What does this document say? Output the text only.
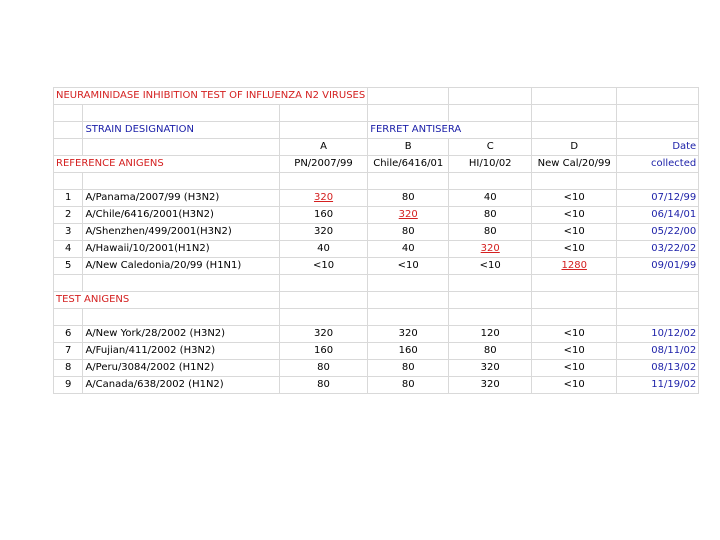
NEURAMINIDASE INHIBITION TEST OF INFLUENZA N2 VIRUSES						

	STRAIN DESIGNATION		FERRET ANTISERA			
		A	B	C	D	Date
REFERENCE ANIGENS		PN/2007/99	Chile/6416/01	HI/10/02	New Cal/20/99	collected

1	A/Panama/2007/99 (H3N2)	320	80	40	<10	07/12/99
2	A/Chile/6416/2001(H3N2)	160	320	80	<10	06/14/01
3	A/Shenzhen/499/2001(H3N2)	320	80	80	<10	05/22/00
4	A/Hawaii/10/2001(H1N2)	40	40	320	<10	03/22/02
5	A/New Caledonia/20/99 (H1N1)	<10	<10	<10	1280	09/01/99

TEST ANIGENS						

6	A/New York/28/2002 (H3N2)	320	320	120	<10	10/12/02
7	A/Fujian/411/2002 (H3N2)	160	160	80	<10	08/11/02
8	A/Peru/3084/2002 (H1N2)	80	80	320	<10	08/13/02
9	A/Canada/638/2002 (H1N2)	80	80	320	<10	11/19/02
